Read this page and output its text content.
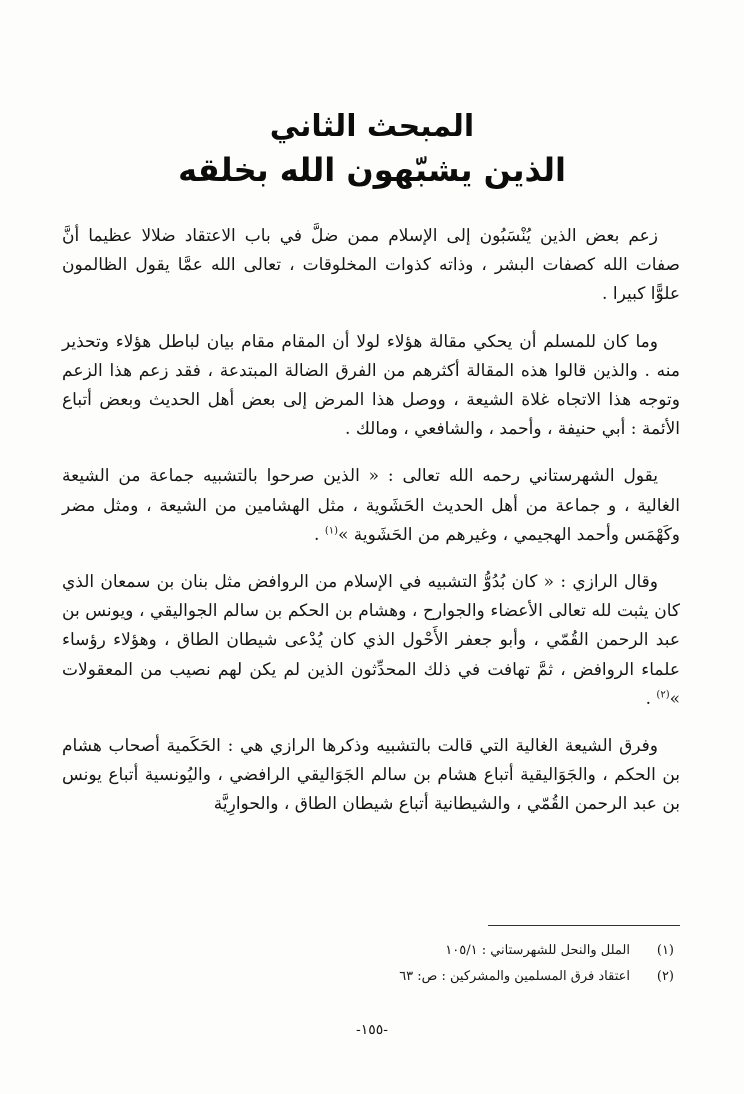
المبحث الثاني
الذين يشبّهون الله بخلقه

زعم بعض الذين يُنْسَبُون إلى الإسلام ممن ضلَّ في باب الاعتقاد ضلالا عظيما أنَّ صفات الله كصفات البشر ، وذاته كذوات المخلوقات ، تعالى الله عمَّا يقول الظالمون علوًّا كبيرا .

وما كان للمسلم أن يحكي مقالة هؤلاء لولا أن المقام مقام بيان لباطل هؤلاء وتحذير منه . والذين قالوا هذه المقالة أكثرهم من الفرق الضالة المبتدعة ، فقد زعم هذا الزعم وتوجه هذا الاتجاه غلاة الشيعة ، ووصل هذا المرض إلى بعض أهل الحديث وبعض أتباع الأئمة : أبي حنيفة ، وأحمد ، والشافعي ، ومالك .

يقول الشهرستاني رحمه الله تعالى : « الذين صرحوا بالتشبيه جماعة من الشيعة الغالية ، و جماعة من أهل الحديث الحَشَوية ، مثل الهشامين من الشيعة ، ومثل مضر وكَهْمَس وأحمد الهجيمي ، وغيرهم من الحَشَوية »$^{(١)}$ .

وقال الرازي : « كان بُدُوُّ التشبيه في الإسلام من الروافض مثل بنان بن سمعان الذي كان يثبت لله تعالى الأعضاء والجوارح ، وهشام بن الحكم بن سالم الجواليقي ، ويونس بن عبد الرحمن القُمّي ، وأبو جعفر الأَحْول الذي كان يُدْعى شيطان الطاق ، وهؤلاء رؤساء علماء الروافض ، ثمَّ تهافت في ذلك المحدِّثون الذين لم يكن لهم نصيب من المعقولات »$^{(٢)}$ .

وفرق الشيعة الغالية التي قالت بالتشبيه وذكرها الرازي هي : الحَكَمية أصحاب هشام بن الحكم ، والجَوَاليقية أتباع هشام بن سالم الجَوَاليقي الرافضي ، واليُونسية أتباع يونس بن عبد الرحمن القُمّي ، والشيطانية أتباع شيطان الطاق ، والحوارِيَّة

(١)
الملل والنحل للشهرستاني : ١٠٥/١
(٢)
اعتقاد فرق المسلمين والمشركين : ص: ٦٣
-١٥٥-
